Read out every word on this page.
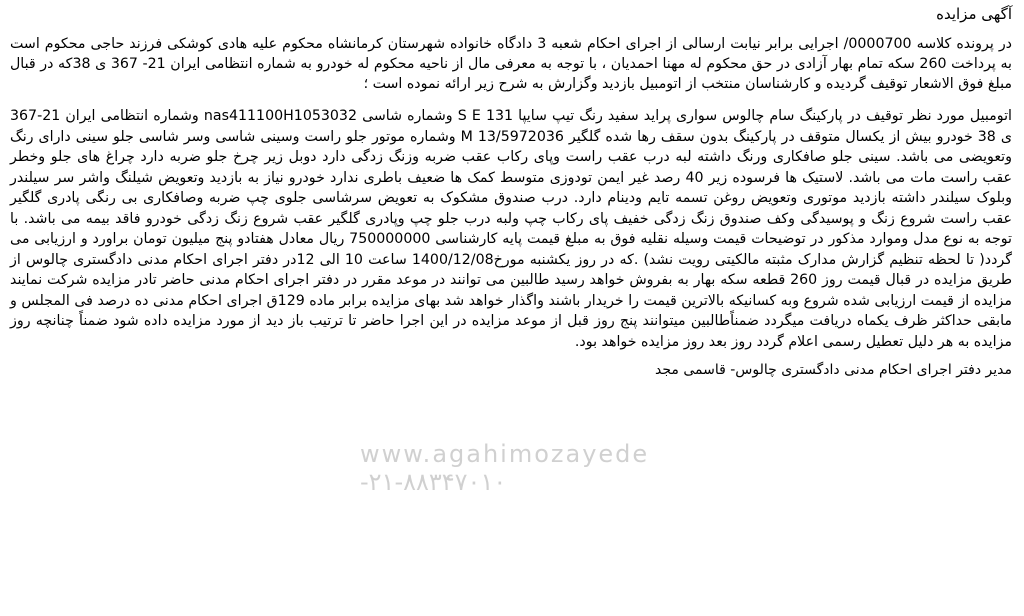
آگهی مزایده

در پرونده کلاسه 0000700/ اجرایی برابر نیابت ارسالی از اجرای احکام شعبه 3 دادگاه خانواده شهرستان کرمانشاه محکوم علیه هادی کوشکی فرزند حاجی محکوم است به پرداخت 260 سکه تمام بهار آزادی در حق محکوم له مهنا احمدیان ، با توجه به معرفی مال از ناحیه محکوم له خودرو به شماره انتظامی ایران 21- 367 ی 38که در قبال مبلغ فوق الاشعار توقیف گردیده و کارشناسان منتخب از اتومبیل بازدید وگزارش به شرح زیر ارائه نموده است ؛

اتومبیل مورد نظر توقیف در پارکینگ سام چالوس سواری پراید سفید رنگ تیپ سایپا 131 S E وشماره شاسی nas411100H1053032 وشماره انتظامی ایران 21-367 ی 38 خودرو بیش از یکسال متوقف در پارکینگ بدون سقف رها شده گلگیر M 13/5972036 وشماره موتور جلو راست وسینی شاسی وسر شاسی جلو سینی دارای رنگ وتعویضی می باشد. سینی جلو صافکاری ورنگ داشته لبه درب عقب راست وپای رکاب عقب ضربه وزنگ زدگی دارد دوبل زیر چرخ جلو ضربه دارد چراغ های جلو وخطر عقب راست مات می باشد. لاستیک ها فرسوده زیر 40 رصد غیر ایمن تودوزی متوسط کمک ها ضعیف باطری ندارد خودرو نیاز به بازدید وتعویض شیلنگ واشر سر سیلندر وبلوک سیلندر داشته بازدید موتوری وتعویض روغن تسمه تایم ودینام دارد. درب صندوق مشکوک به تعویض سرشاسی جلوی چپ ضربه وصافکاری بی رنگی پادری گلگیر عقب راست شروع زنگ و پوسیدگی وکف صندوق زنگ زدگی خفیف پای رکاب چپ ولبه درب جلو چپ وپادری گلگیر عقب شروع زنگ زدگی خودرو فاقد بیمه می باشد. با توجه به نوع مدل وموارد مذکور در توضیحات قیمت وسیله نقلیه فوق به مبلغ قیمت پایه کارشناسی 750000000 ریال معادل هفتادو پنج میلیون تومان براورد و ارزیابی می گردد( تا لحظه تنظیم گزارش مدارک مثبته مالکیتی رویت نشد) .که در روز یکشنبه مورخ1400/12/08 ساعت 10 الی 12در دفتر اجرای احکام مدنی دادگستری چالوس از طریق مزایده در قبال قیمت روز 260 قطعه سکه بهار به بفروش خواهد رسید طالبین می توانند در موعد مقرر در دفتر اجرای احکام مدنی حاضر تادر مزایده شرکت نمایند مزایده از قیمت ارزیابی شده شروع وبه کسانیکه بالاترین قیمت را خریدار باشند واگذار خواهد شد بهای مزایده برابر ماده 129ق اجرای احکام مدنی ده درصد فی المجلس و مابقی حداکثر ظرف یکماه دریافت میگردد ضمناًطالبین میتوانند پنج روز قبل از موعد مزایده در این اجرا حاضر تا ترتیب باز دید از مورد مزایده داده شود ضمناً چنانچه روز مزایده به هر دلیل تعطیل رسمی اعلام گردد روز بعد روز مزایده خواهد بود.

مدیر دفتر اجرای احکام مدنی دادگستری چالوس- قاسمی مجد
www.agahimozayede
-۲۱-۸۸۳۴۷۰۱۰
